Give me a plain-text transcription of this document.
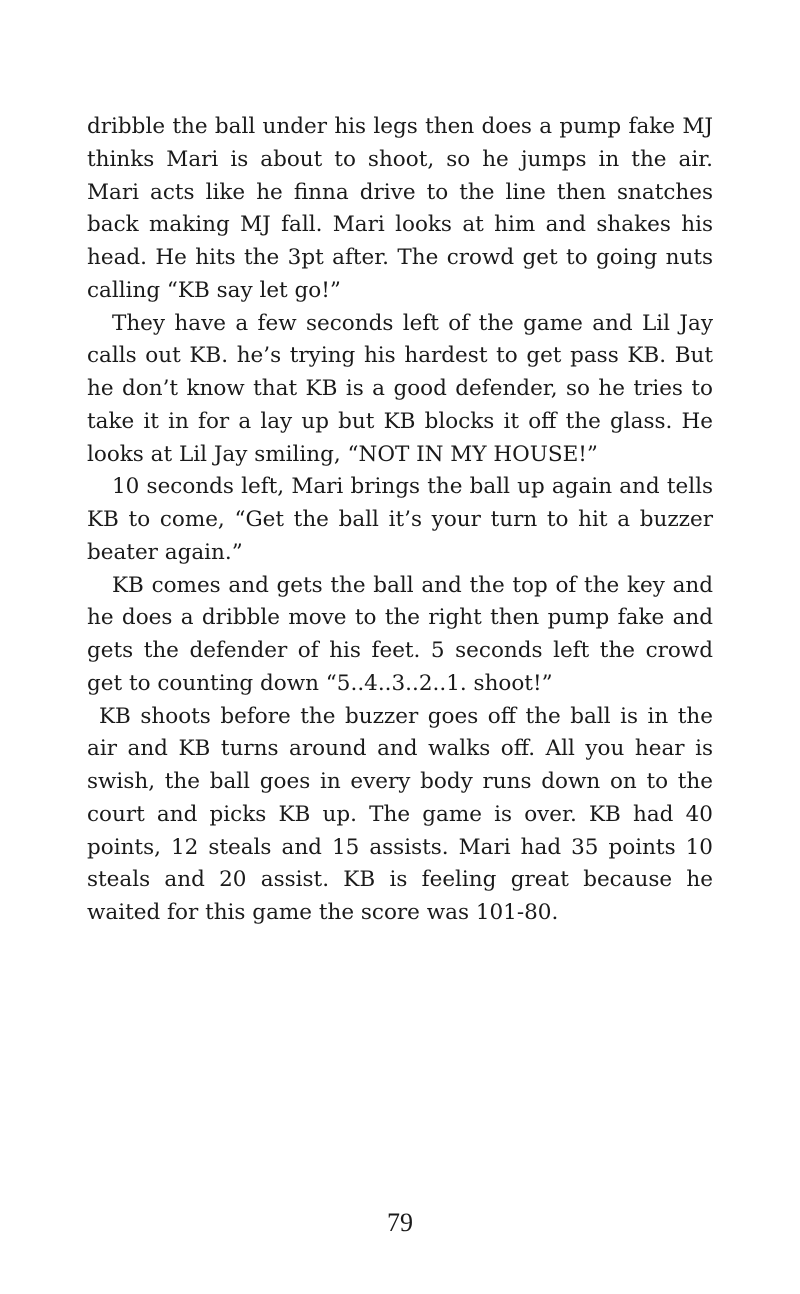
dribble the ball under his legs then does a pump fake MJ thinks Mari is about to shoot, so he jumps in the air. Mari acts like he finna drive to the line then snatches back making MJ fall. Mari looks at him and shakes his head. He hits the 3pt after. The crowd get to going nuts calling “KB say let go!”

They have a few seconds left of the game and Lil Jay calls out KB. he’s trying his hardest to get pass KB. But he don’t know that KB is a good defender, so he tries to take it in for a lay up but KB blocks it off the glass. He looks at Lil Jay smiling, “NOT IN MY HOUSE!”

10 seconds left, Mari brings the ball up again and tells KB to come, “Get the ball it’s your turn to hit a buzzer beater again.”

KB comes and gets the ball and the top of the key and he does a dribble move to the right then pump fake and gets the defender of his feet. 5 seconds left the crowd get to counting down “5..4..3..2..1. shoot!”

KB shoots before the buzzer goes off the ball is in the air and KB turns around and walks off. All you hear is swish, the ball goes in every body runs down on to the court and picks KB up. The game is over. KB had 40 points, 12 steals and 15 assists. Mari had 35 points 10 steals and 20 assist. KB is feeling great because he waited for this game the score was 101-80.

79
